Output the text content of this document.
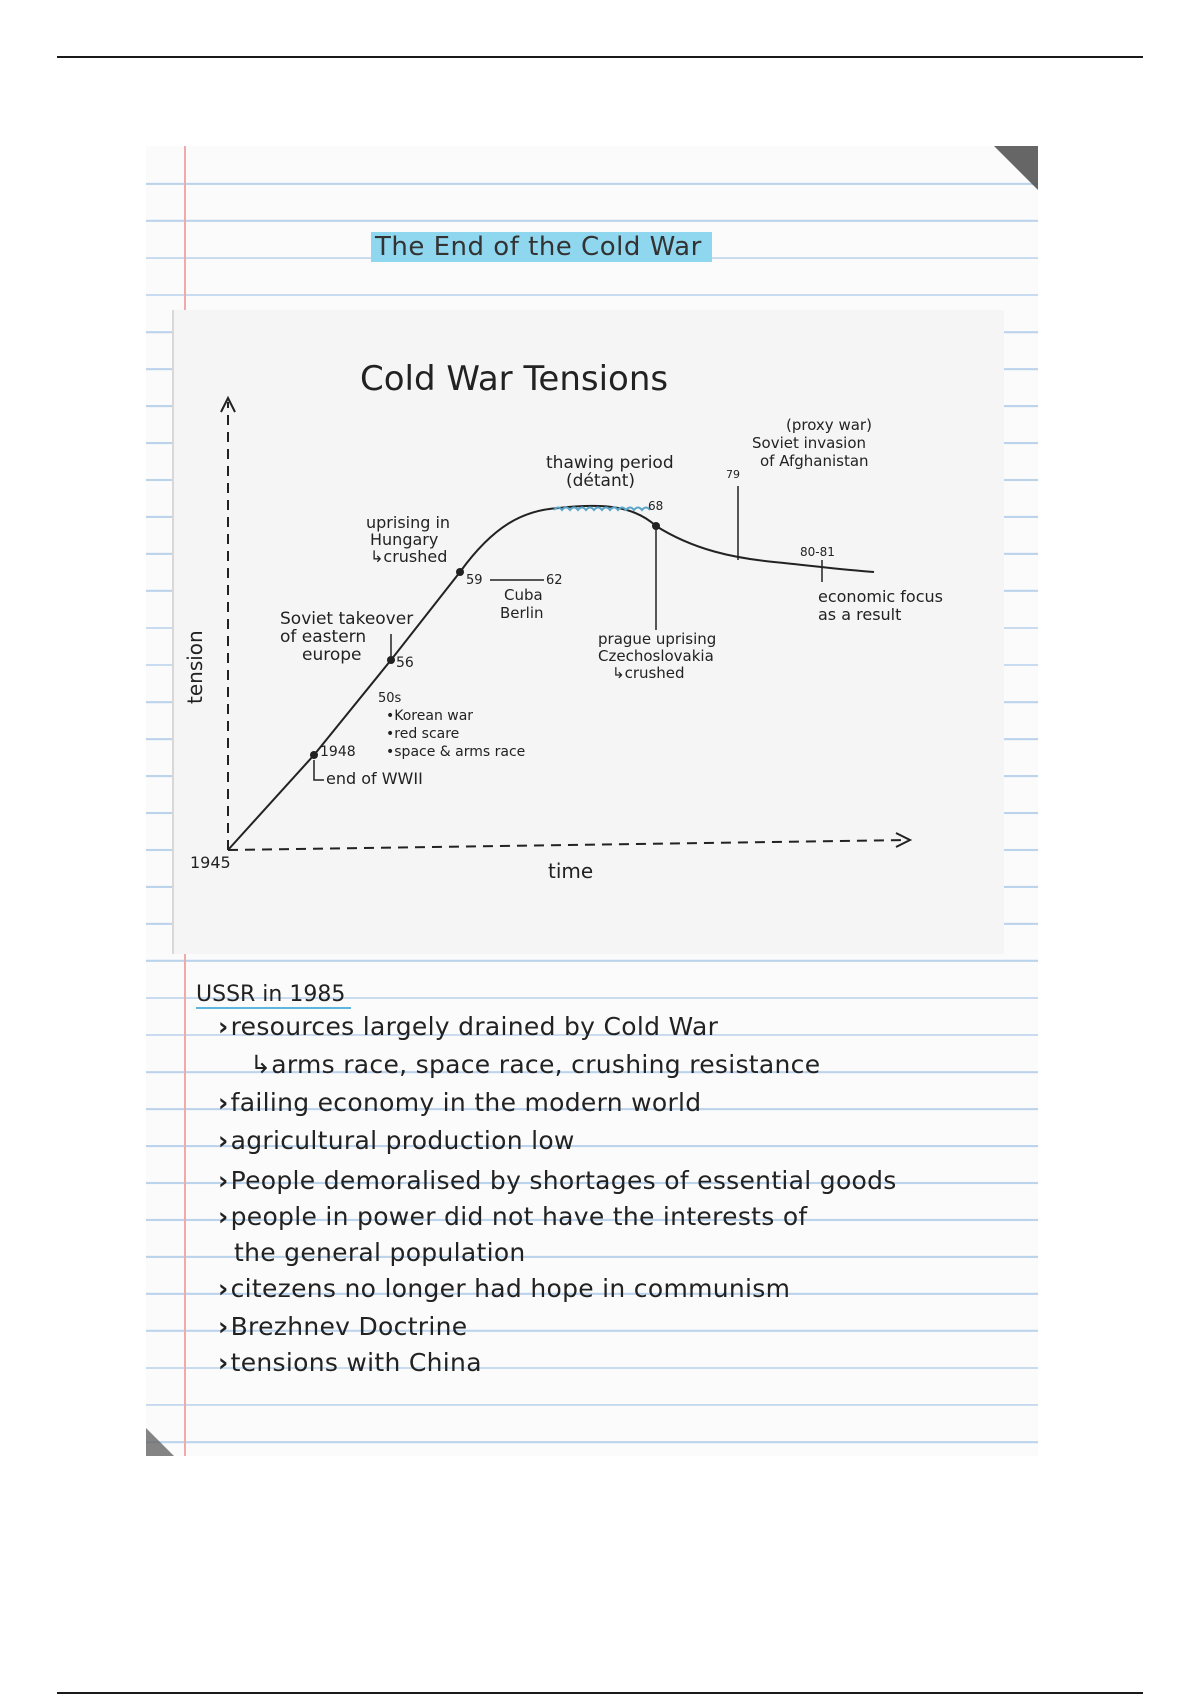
The End of the Cold War
Cold War Tensions
tension
time
1945
1948
end of WWII
56
Soviet takeover
of eastern
europe
50s
•Korean war
•red scare
•space & arms race
59
uprising in
Hungary
↳crushed
62
Cuba
Berlin
thawing period
(détant)
68
prague uprising
Czechoslovakia
↳crushed
79
(proxy war)
Soviet invasion
of Afghanistan
80-81
economic focus
as a result
USSR in 1985
›resources largely drained by Cold War
↳arms race, space race, crushing resistance
›failing economy in the modern world
›agricultural production low
›People demoralised by shortages of essential goods
›people in power did not have the interests of
the general population
›citezens no longer had hope in communism
›Brezhnev Doctrine
›tensions with China
